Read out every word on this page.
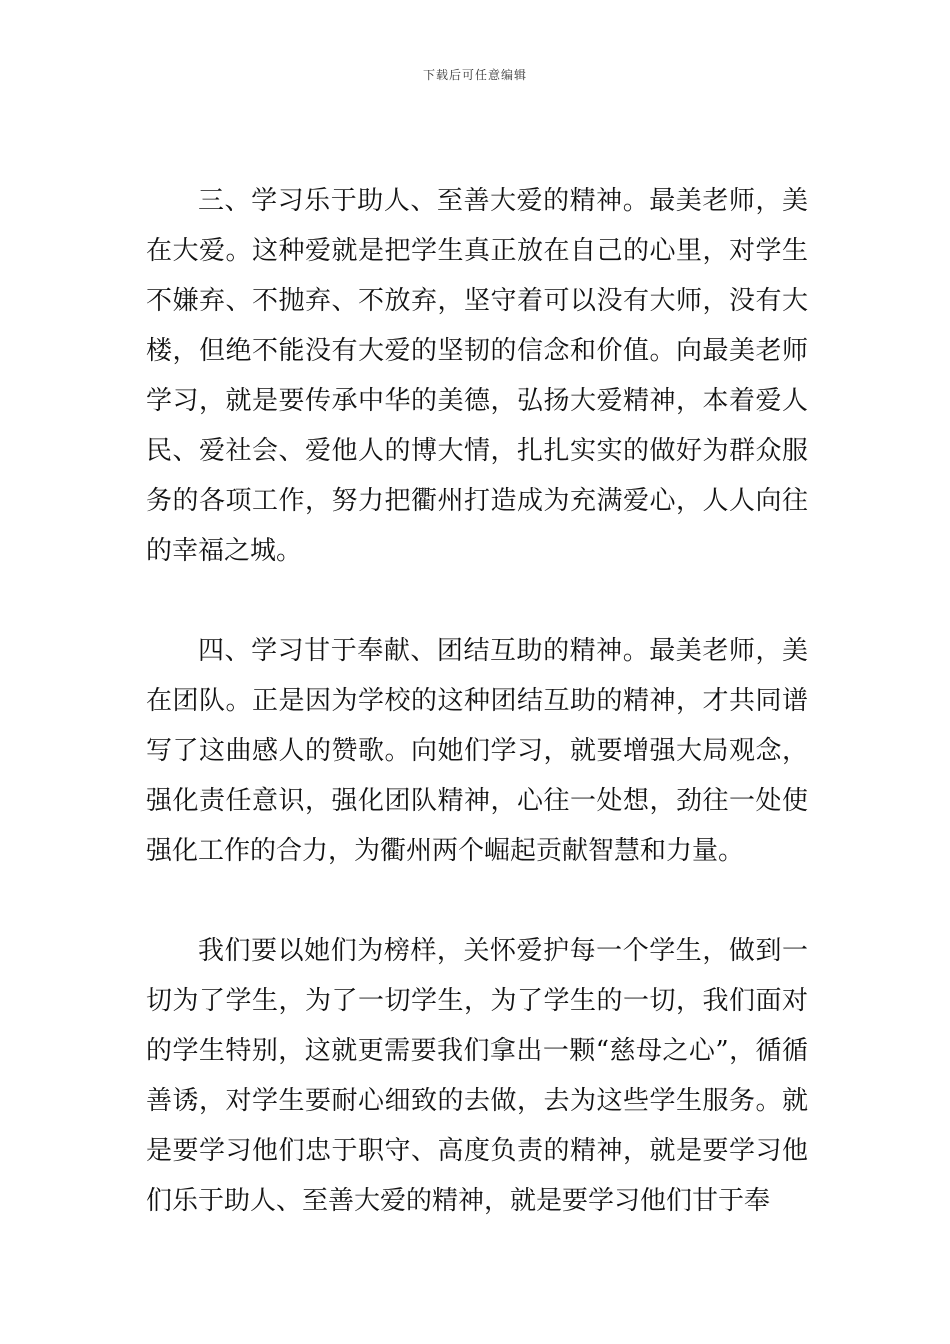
下载后可任意编辑

三、学习乐于助人、至善大爱的精神。最美老师，美在大爱。这种爱就是把学生真正放在自己的心里，对学生不嫌弃、不抛弃、不放弃，坚守着可以没有大师，没有大楼，但绝不能没有大爱的坚韧的信念和价值。向最美老师学习，就是要传承中华的美德，弘扬大爱精神，本着爱人民、爱社会、爱他人的博大情，扎扎实实的做好为群众服务的各项工作，努力把衢州打造成为充满爱心，人人向往的幸福之城。

四、学习甘于奉献、团结互助的精神。最美老师，美在团队。正是因为学校的这种团结互助的精神，才共同谱写了这曲感人的赞歌。向她们学习，就要增强大局观念，强化责任意识，强化团队精神，心往一处想，劲往一处使强化工作的合力，为衢州两个崛起贡献智慧和力量。

我们要以她们为榜样，关怀爱护每一个学生，做到一切为了学生，为了一切学生，为了学生的一切，我们面对的学生特别，这就更需要我们拿出一颗“慈母之心”，循循善诱，对学生要耐心细致的去做，去为这些学生服务。就是要学习他们忠于职守、高度负责的精神，就是要学习他们乐于助人、至善大爱的精神，就是要学习他们甘于奉
